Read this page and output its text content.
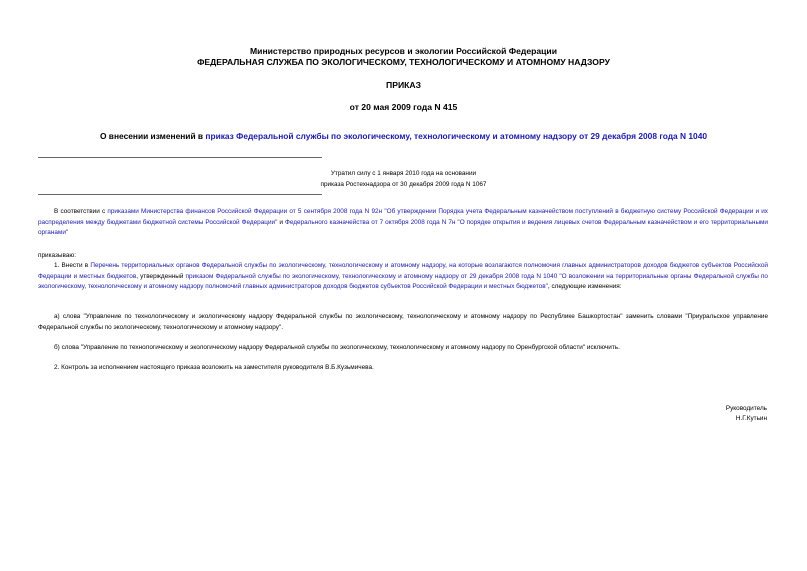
Министерство природных ресурсов и экологии Российской Федерации
ФЕДЕРАЛЬНАЯ СЛУЖБА ПО ЭКОЛОГИЧЕСКОМУ, ТЕХНОЛОГИЧЕСКОМУ И АТОМНОМУ НАДЗОРУ
ПРИКАЗ
от 20 мая 2009 года N 415
О внесении изменений в приказ Федеральной службы по экологическому, технологическому и атомному надзору от 29 декабря 2008 года N 1040
Утратил силу с 1 января 2010 года на основании
приказа Ростехнадзора от 30 декабря 2009 года N 1067

В соответствии с приказами Министерства финансов Российской Федерации от 5 сентября 2008 года N 92н "Об утверждении Порядка учета Федеральным казначейством поступлений в бюджетную систему Российской Федерации и их распределения между бюджетами бюджетной системы Российской Федерации" и Федерального казначейства от 7 октября 2008 года N 7н "О порядке открытия и ведения лицевых счетов Федеральным казначейством и его территориальными органами"

приказываю:

1. Внести в Перечень территориальных органов Федеральной службы по экологическому, технологическому и атомному надзору, на которые возлагаются полномочия главных администраторов доходов бюджетов субъектов Российской Федерации и местных бюджетов, утвержденный приказом Федеральной службы по экологическому, технологическому и атомному надзору от 29 декабря 2008 года N 1040 "О возложении на территориальные органы Федеральной службы по экологическому, технологическому и атомному надзору полномочий главных администраторов доходов бюджетов субъектов Российской Федерации и местных бюджетов", следующие изменения:

а) слова "Управление по технологическому и экологическому надзору Федеральной службы по экологическому, технологическому и атомному надзору по Республике Башкортостан" заменить словами "Приуральское управление Федеральной службы по экологическому, технологическому и атомному надзору".

б) слова "Управление по технологическому и экологическому надзору Федеральной службы по экологическому, технологическому и атомному надзору по Оренбургской области" исключить.

2. Контроль за исполнением настоящего приказа возложить на заместителя руководителя В.Б.Кузьмичева.

Руководитель
Н.Г.Кутьин
